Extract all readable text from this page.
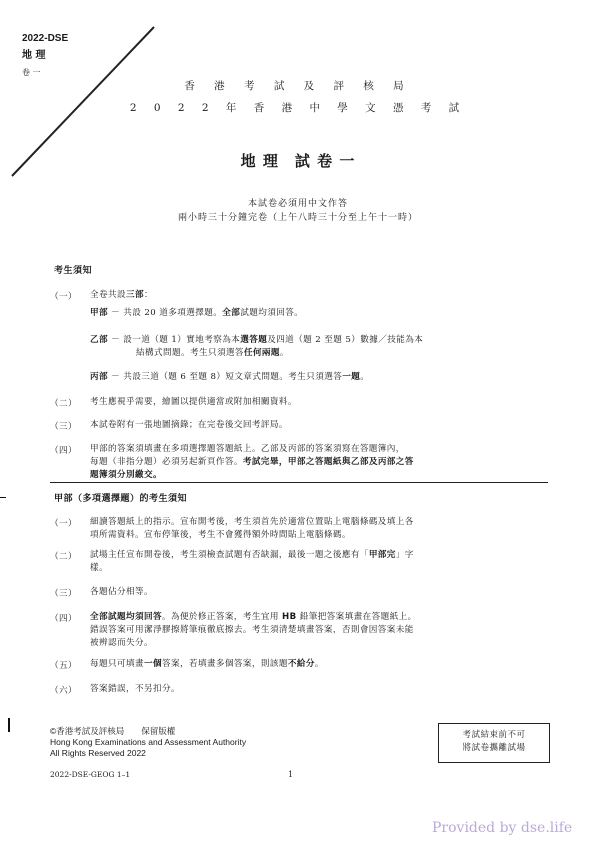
2022-DSE
地 理
卷 一
香 港 考 試 及 評 核 局
2 0 2 2 年 香 港 中 學 文 憑 考 試
地 理　試 卷 一
本試卷必須用中文作答
兩小時三十分鐘完卷（上午八時三十分至上午十一時）
考生須知
（一） 全卷共設三部：
甲部 － 共設 20 道多項選擇題。全部試題均須回答。
乙部 － 設一道（題 1）實地考察為本選答題及四道（題 2 至題 5）數據／技能為本
結構式問題。考生只須選答任何兩題。
丙部 － 共設三道（題 6 至題 8）短文章式問題。考生只須選答一題。
（二） 考生應視乎需要，繪圖以提供適當或附加相關資料。
（三） 本試卷附有一張地圖摘錄；在完卷後交回考評局。
（四） 甲部的答案須填畫在多項選擇題答題紙上。乙部及丙部的答案須寫在答題簿內，
每題（非指分題）必須另起新頁作答。考試完畢，甲部之答題紙與乙部及丙部之答
題簿須分別繳交。
甲部（多項選擇題）的考生須知
（一） 細讀答題紙上的指示。宣布開考後，考生須首先於適當位置貼上電腦條碼及填上各
項所需資料。宣布停筆後，考生不會獲得額外時間貼上電腦條碼。
（二） 試場主任宣布開卷後，考生須檢查試題有否缺漏，最後一題之後應有「甲部完」字
樣。
（三） 各題佔分相等。
（四） 全部試題均須回答。為便於修正答案，考生宜用 HB 鉛筆把答案填畫在答題紙上。
錯誤答案可用潔淨膠擦將筆痕徹底擦去。考生須清楚填畫答案，否則會因答案未能
被辨認而失分。
（五） 每題只可填畫一個答案，若填畫多個答案，則該題不給分。
（六） 答案錯誤，不另扣分。
©香港考試及評核局　　保留版權
Hong Kong Examinations and Assessment Authority
All Rights Reserved 2022
考試結束前不可
將試卷攜離試場
2022-DSE-GEOG 1–1	1
Provided by dse.life
